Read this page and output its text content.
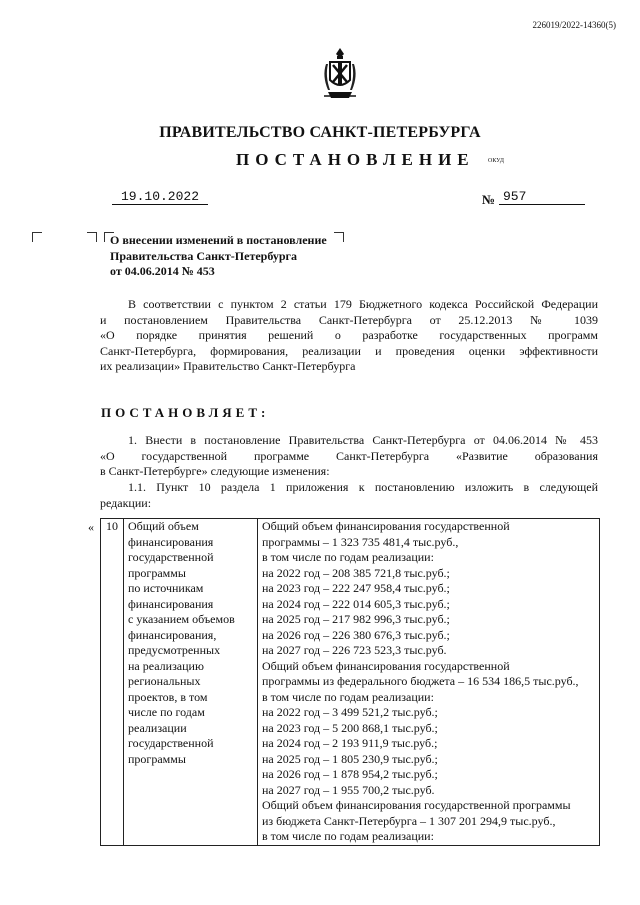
226019/2022-14360(5)
ПРАВИТЕЛЬСТВО САНКТ-ПЕТЕРБУРГА
ПОСТАНОВЛЕНИЕ ОКУД
19.10.2022	№ 957
О внесении изменений в постановление
Правительства Санкт-Петербурга
от 04.06.2014 № 453
В соответствии с пунктом 2 статьи 179 Бюджетного кодекса Российской Федерации
и постановлением Правительства Санкт-Петербурга от 25.12.2013 № 1039
«О порядке принятия решений о разработке государственных программ
Санкт-Петербурга, формирования, реализации и проведения оценки эффективности
их реализации» Правительство Санкт-Петербурга
ПОСТАНОВЛЯЕТ:
1. Внести в постановление Правительства Санкт-Петербурга от 04.06.2014 № 453
«О государственной программе Санкт-Петербурга «Развитие образования
в Санкт-Петербурге» следующие изменения:
1.1. Пункт 10 раздела 1 приложения к постановлению изложить в следующей
редакции:
« 10	Общий объем
финансирования
государственной
программы
по источникам
финансирования
с указанием объемов
финансирования,
предусмотренных
на реализацию
региональных
проектов, в том
числе по годам
реализации
государственной
программы

Общий объем финансирования государственной
программы – 1 323 735 481,4 тыс.руб.,
в том числе по годам реализации:
на 2022 год – 208 385 721,8 тыс.руб.;
на 2023 год – 222 247 958,4 тыс.руб.;
на 2024 год – 222 014 605,3 тыс.руб.;
на 2025 год – 217 982 996,3 тыс.руб.;
на 2026 год – 226 380 676,3 тыс.руб.;
на 2027 год – 226 723 523,3 тыс.руб.
Общий объем финансирования государственной
программы из федерального бюджета – 16 534 186,5 тыс.руб.,
в том числе по годам реализации:
на 2022 год – 3 499 521,2 тыс.руб.;
на 2023 год – 5 200 868,1 тыс.руб.;
на 2024 год – 2 193 911,9 тыс.руб.;
на 2025 год – 1 805 230,9 тыс.руб.;
на 2026 год – 1 878 954,2 тыс.руб.;
на 2027 год – 1 955 700,2 тыс.руб.
Общий объем финансирования государственной программы
из бюджета Санкт-Петербурга – 1 307 201 294,9 тыс.руб.,
в том числе по годам реализации:
